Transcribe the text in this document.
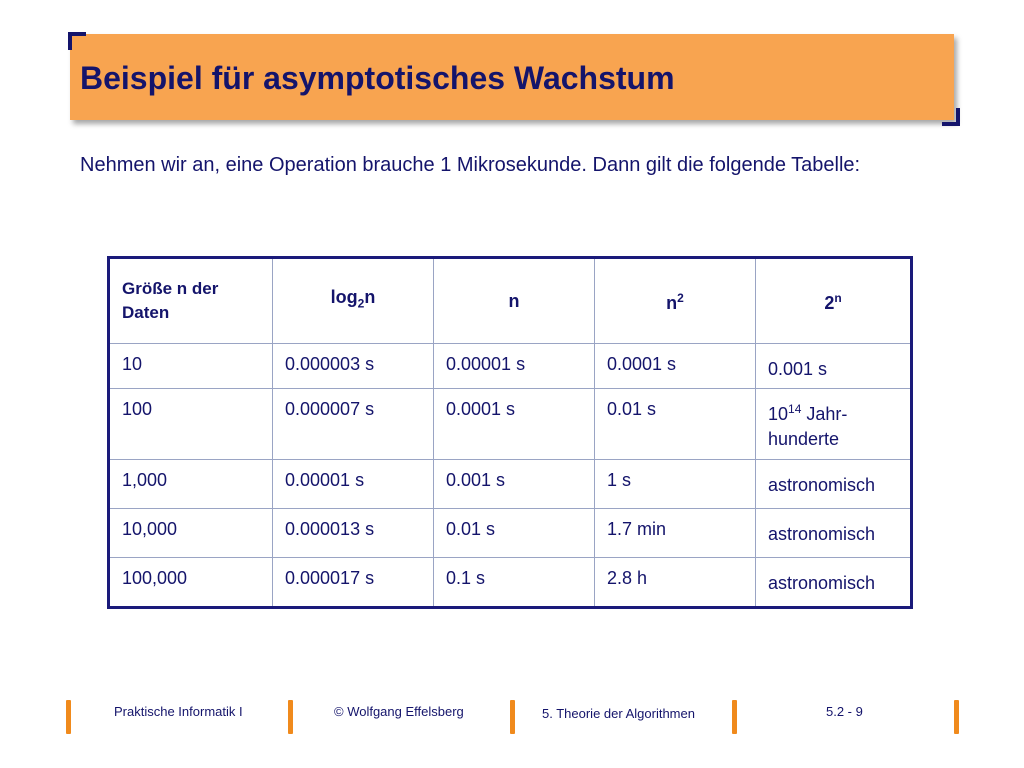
Beispiel für asymptotisches Wachstum

Nehmen wir an, eine Operation brauche 1 Mikrosekunde. Dann gilt die folgende Tabelle:

Größe n der Daten	$\log_2n$	n	$n^2$	2$^n$
10	0.000003 s	0.00001 s	0.0001 s	0.001 s
100	0.000007 s	0.0001 s	0.01 s	$10^{14}$ Jahr-hunderte
1,000	0.00001 s	0.001 s	1 s	astronomisch
10,000	0.000013 s	0.01 s	1.7 min	astronomisch
100,000	0.000017 s	0.1 s	2.8 h	astronomisch
Praktische Informatik I	© Wolfgang Effelsberg	5. Theorie der Algorithmen	5.2 - 9
